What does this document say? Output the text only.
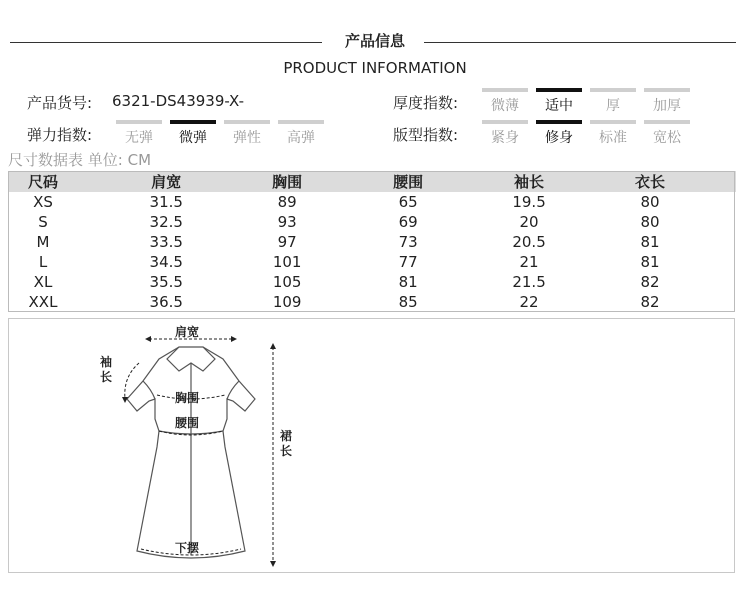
产品信息
PRODUCT INFORMATION
产品货号: 6321-DS43939-X-	厚度指数:	微薄	适中	厚	加厚
弹力指数:	无弹	微弹	弹性	高弹	版型指数:	紧身	修身	标准	宽松
尺寸数据表 单位: CM
尺码	肩宽	胸围	腰围	袖长	衣长
XS	31.5	89	65	19.5	80
S	32.5	93	69	20	80
M	33.5	97	73	20.5	81
L	34.5	101	77	21	81
XL	35.5	105	81	21.5	82
XXL	36.5	109	85	22	82
肩宽
袖长
胸围
腰围
裙长
下摆
